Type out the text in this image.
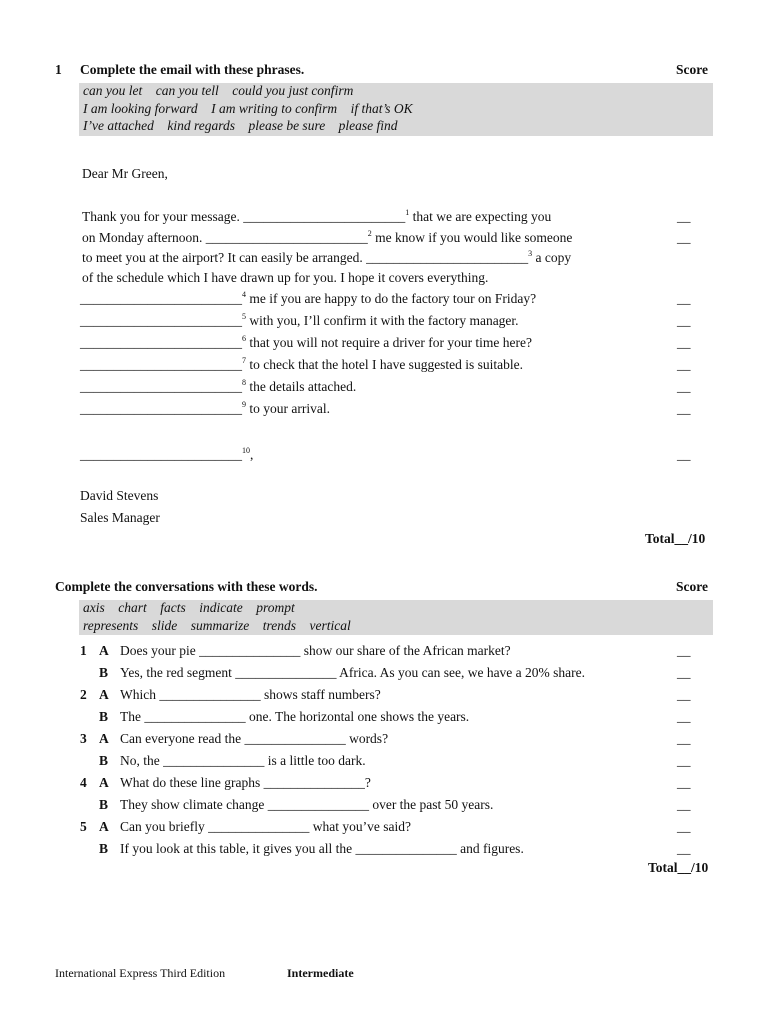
1 Complete the email with these phrases.	Score
can you let    can you tell    could you just confirm
I am looking forward    I am writing to confirm    if that’s OK
I’ve attached    kind regards    please be sure    please find
Dear Mr Green,
Thank you for your message. ________________________$^1$ that we are expecting you	__
on Monday afternoon. ________________________$^2$ me know if you would like someone	__
to meet you at the airport? It can easily be arranged. ________________________$^3$ a copy
of the schedule which I have drawn up for you. I hope it covers everything.
________________________$^4$ me if you are happy to do the factory tour on Friday?	__
________________________$^5$ with you, I’ll confirm it with the factory manager.	__
________________________$^6$ that you will not require a driver for your time here?	__
________________________$^7$ to check that the hotel I have suggested is suitable.	__
________________________$^8$ the details attached.	__
________________________$^9$ to your arrival.	__
________________________$^{10}$,	__
David Stevens
Sales Manager
Total__/10
Complete the conversations with these words.	Score
axis    chart    facts    indicate    prompt
represents    slide    summarize    trends    vertical
1 A Does your pie _______________ show our share of the African market?	__
B Yes, the red segment _______________ Africa. As you can see, we have a 20% share.	__
2 A Which _______________ shows staff numbers?	__
B The _______________ one. The horizontal one shows the years.	__
3 A Can everyone read the _______________ words?	__
B No, the _______________ is a little too dark.	__
4 A What do these line graphs _______________?	__
B They show climate change _______________ over the past 50 years.	__
5 A Can you briefly _______________ what you’ve said?	__
B If you look at this table, it gives you all the _______________ and figures.	__
Total__/10
International Express Third Edition	Intermediate
